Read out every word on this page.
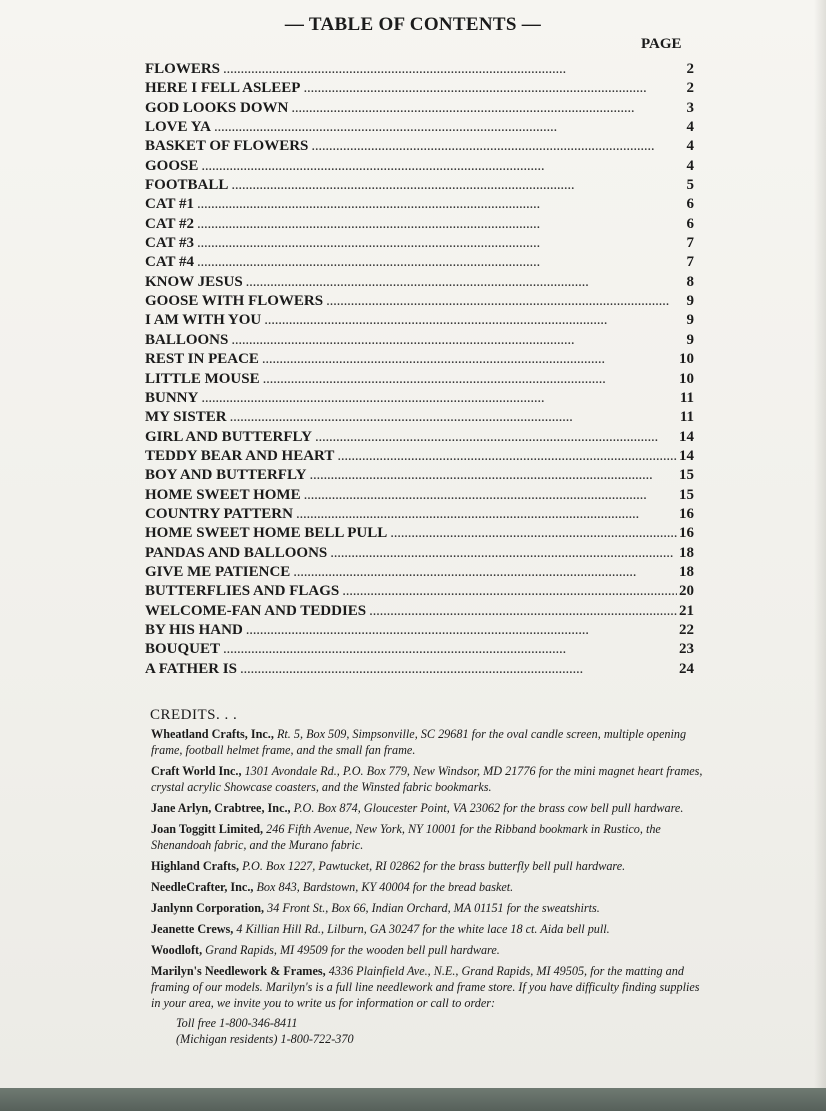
— TABLE OF CONTENTS —
PAGE
FLOWERS . . .	2
HERE I FELL ASLEEP . . .	2
GOD LOOKS DOWN . . .	3
LOVE YA . . .	4
BASKET OF FLOWERS . . .	4
GOOSE . . .	4
FOOTBALL . . .	5
CAT #1 . . .	6
CAT #2 . . .	6
CAT #3 . . .	7
CAT #4 . . .	7
KNOW JESUS . . .	8
GOOSE WITH FLOWERS . . .	9
I AM WITH YOU . . .	9
BALLOONS . . .	9
REST IN PEACE . . .	10
LITTLE MOUSE . . .	10
BUNNY . . .	11
MY SISTER . . .	11
GIRL AND BUTTERFLY . . .	14
TEDDY BEAR AND HEART . . .	14
BOY AND BUTTERFLY . . .	15
HOME SWEET HOME . . .	15
COUNTRY PATTERN . . .	16
HOME SWEET HOME BELL PULL . . .	16
PANDAS AND BALLOONS . . .	18
GIVE ME PATIENCE . . .	18
BUTTERFLIES AND FLAGS . . .	20
WELCOME-FAN AND TEDDIES . . .	21
BY HIS HAND . . .	22
BOUQUET . . .	23
A FATHER IS . . .	24
CREDITS. . .
Wheatland Crafts, Inc., Rt. 5, Box 509, Simpsonville, SC 29681 for the oval candle screen, multiple opening frame, football helmet frame, and the small fan frame.
Craft World Inc., 1301 Avondale Rd., P.O. Box 779, New Windsor, MD 21776 for the mini magnet heart frames, crystal acrylic Showcase coasters, and the Winsted fabric bookmarks.
Jane Arlyn, Crabtree, Inc., P.O. Box 874, Gloucester Point, VA 23062 for the brass cow bell pull hardware.
Joan Toggitt Limited, 246 Fifth Avenue, New York, NY 10001 for the Ribband bookmark in Rustico, the Shenandoah fabric, and the Murano fabric.
Highland Crafts, P.O. Box 1227, Pawtucket, RI 02862 for the brass butterfly bell pull hardware.
NeedleCrafter, Inc., Box 843, Bardstown, KY 40004 for the bread basket.
Janlynn Corporation, 34 Front St., Box 66, Indian Orchard, MA 01151 for the sweatshirts.
Jeanette Crews, 4 Killian Hill Rd., Lilburn, GA 30247 for the white lace 18 ct. Aida bell pull.
Woodloft, Grand Rapids, MI 49509 for the wooden bell pull hardware.
Marilyn's Needlework & Frames, 4336 Plainfield Ave., N.E., Grand Rapids, MI 49505, for the matting and framing of our models. Marilyn's is a full line needlework and frame store. If you have difficulty finding supplies in your area, we invite you to write us for information or call to order:
Toll free 1-800-346-8411
(Michigan residents) 1-800-722-370
